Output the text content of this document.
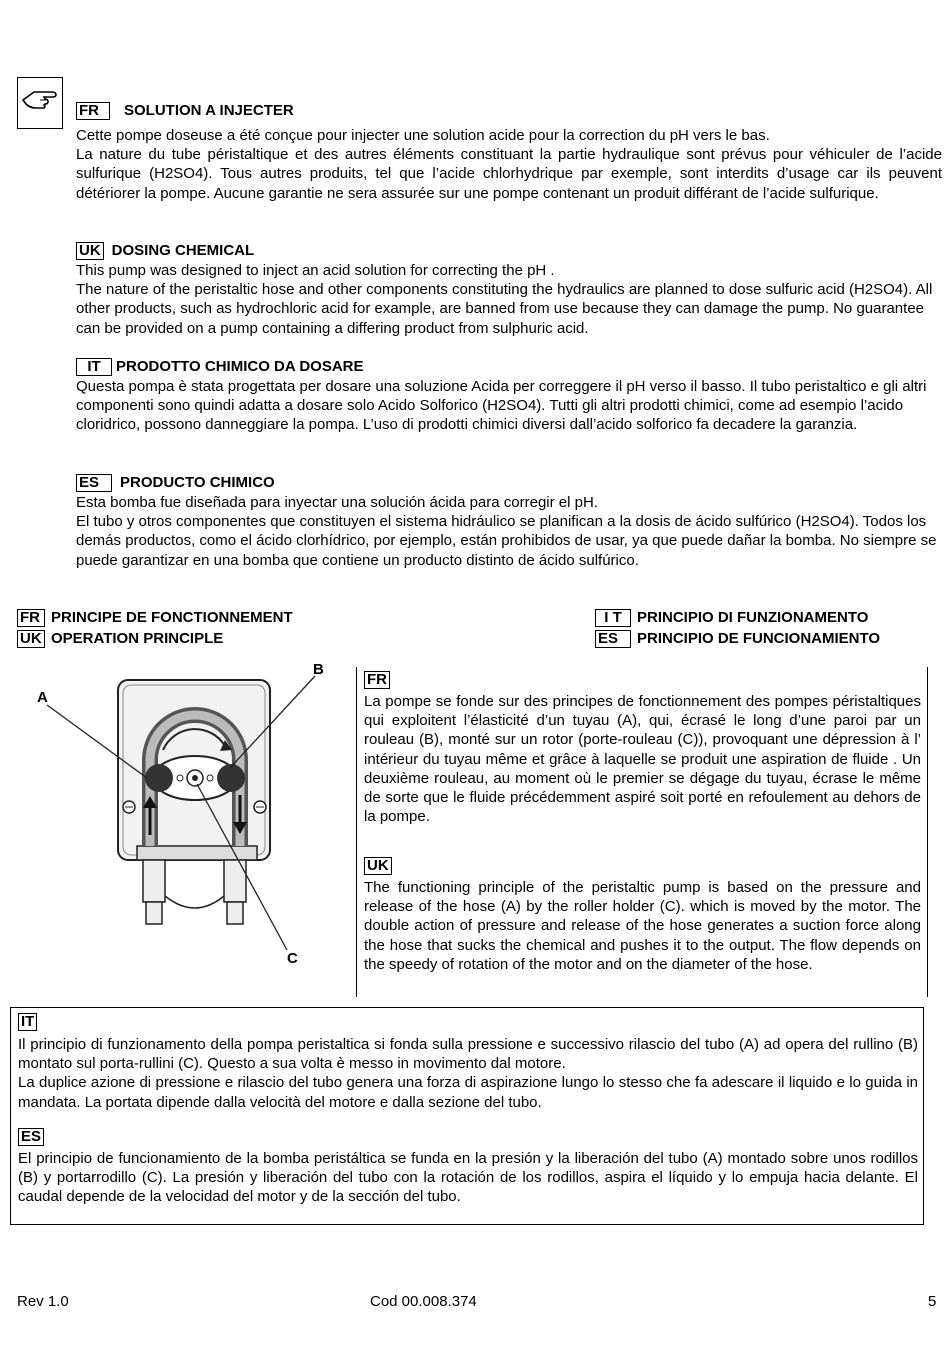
FR SOLUTION A INJECTER

Cette pompe doseuse a été conçue pour injecter une solution acide pour la correction du pH vers le bas.

La nature du tube péristaltique et des autres éléments constituant la partie hydraulique sont prévus pour véhiculer de l’acide sulfurique (H2SO4). Tous autres produits, tel que l’acide chlorhydrique par exemple, sont interdits d’usage car ils peuvent détériorer la pompe. Aucune garantie ne sera assurée sur une pompe contenant un produit différant de l’acide sulfurique.

UK DOSING CHEMICAL

This pump was designed to inject an acid solution for correcting the pH .

The nature of the peristaltic hose and other components constituting the hydraulics are planned to dose sulfuric acid (H2SO4). All other products, such as hydrochloric acid for example, are banned from use because they can damage the pump. No guarantee can be provided on a pump containing a differing product from sulphuric acid.

IT PRODOTTO CHIMICO DA DOSARE

Questa pompa è stata progettata per dosare una soluzione Acida per correggere il pH verso il basso. Il tubo peristaltico e gli altri componenti sono quindi adatta a dosare solo Acido Solforico (H2SO4). Tutti gli altri prodotti chimici, come ad esempio l’acido cloridrico, possono danneggiare la pompa. L’uso di prodotti chimici diversi dall’acido solforico fa decadere la garanzia.

ES PRODUCTO CHIMICO

Esta bomba fue diseñada para inyectar una solución ácida para corregir el pH.

El tubo y otros componentes que constituyen el sistema hidráulico se planifican a la dosis de ácido sulfúrico (H2SO4). Todos los demás productos, como el ácido clorhídrico, por ejemplo, están prohibidos de usar, ya que puede dañar la bomba. No siempre se puede garantizar en una bomba que contiene un producto distinto de ácido sulfúrico.

FR PRINCIPE DE FONCTIONNEMENT
UK OPERATION PRINCIPLE
I T PRINCIPIO DI FUNZIONAMENTO
ES PRINCIPIO DE FUNCIONAMIENTO
A
B
C
FR

La pompe se fonde sur des principes de fonctionnement des pompes péristaltiques qui exploitent l’élasticité d’un tuyau (A), qui, écrasé le long d’une paroi par un rouleau (B), monté sur un rotor (porte-rouleau (C)), provoquant une dépression à l’ intérieur du tuyau même et grâce à laquelle se produit une aspiration de fluide . Un deuxième rouleau, au moment où le premier se dégage du tuyau, écrase le même de sorte que le fluide précédemment aspiré soit porté en refoulement au dehors de la pompe.

UK

The functioning principle of the peristaltic pump is based on the pressure and release of the hose (A) by the roller holder (C). which is moved by the motor. The double action of pressure and release of the hose generates a suction force along the hose that sucks the chemical and pushes it to the output. The flow depends on the speedy of rotation of the motor and on the diameter of the hose.

IT

Il principio di funzionamento della pompa peristaltica si fonda sulla pressione e successivo rilascio del tubo (A) ad opera del rullino (B) montato sul porta-rullini (C). Questo a sua volta è messo in movimento dal motore.

La duplice azione di pressione e rilascio del tubo genera una forza di aspirazione lungo lo stesso che fa adescare il liquido e lo guida in mandata. La portata dipende dalla velocità del motore e dalla sezione del tubo.

ES

El principio de funcionamiento de la bomba peristáltica se funda en la presión y la liberación del tubo (A) montado sobre unos rodillos (B) y portarrodillo (C). La presión y liberación del tubo con la rotación de los rodillos, aspira el líquido y lo empuja hacia delante. El caudal depende de la velocidad del motor y de la sección del tubo.

Rev 1.0	Cod 00.008.374	5
